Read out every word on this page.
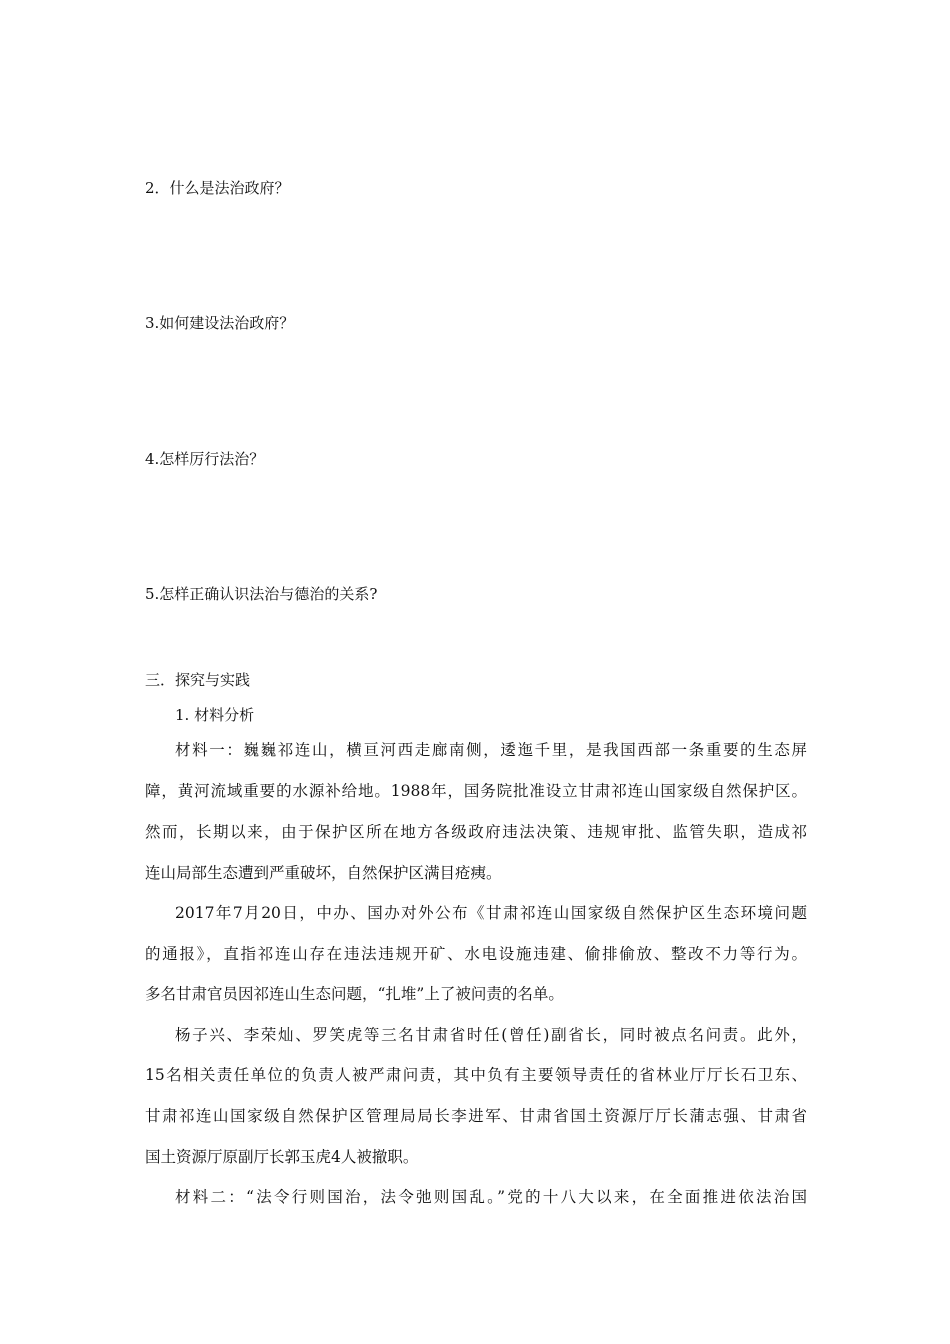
2．什么是法治政府？
3.如何建设法治政府？
4.怎样厉行法治？
5.怎样正确认识法治与德治的关系?
三．探究与实践
1. 材料分析
材料一：巍巍祁连山，横亘河西走廊南侧，逶迤千里，是我国西部一条重要的生态屏
障，黄河流域重要的水源补给地。1988年，国务院批准设立甘肃祁连山国家级自然保护区。
然而，长期以来，由于保护区所在地方各级政府违法决策、违规审批、监管失职，造成祁
连山局部生态遭到严重破坏，自然保护区满目疮痍。
2017年7月20日，中办、国办对外公布《甘肃祁连山国家级自然保护区生态环境问题
的通报》，直指祁连山存在违法违规开矿、水电设施违建、偷排偷放、整改不力等行为。
多名甘肃官员因祁连山生态问题，“扎堆”上了被问责的名单。
杨子兴、李荣灿、罗笑虎等三名甘肃省时任(曾任)副省长，同时被点名问责。此外，
15名相关责任单位的负责人被严肃问责，其中负有主要领导责任的省林业厅厅长石卫东、
甘肃祁连山国家级自然保护区管理局局长李进军、甘肃省国土资源厅厅长蒲志强、甘肃省
国土资源厅原副厅长郭玉虎4人被撤职。
材料二：“法令行则国治，法令弛则国乱。”党的十八大以来，在全面推进依法治国
